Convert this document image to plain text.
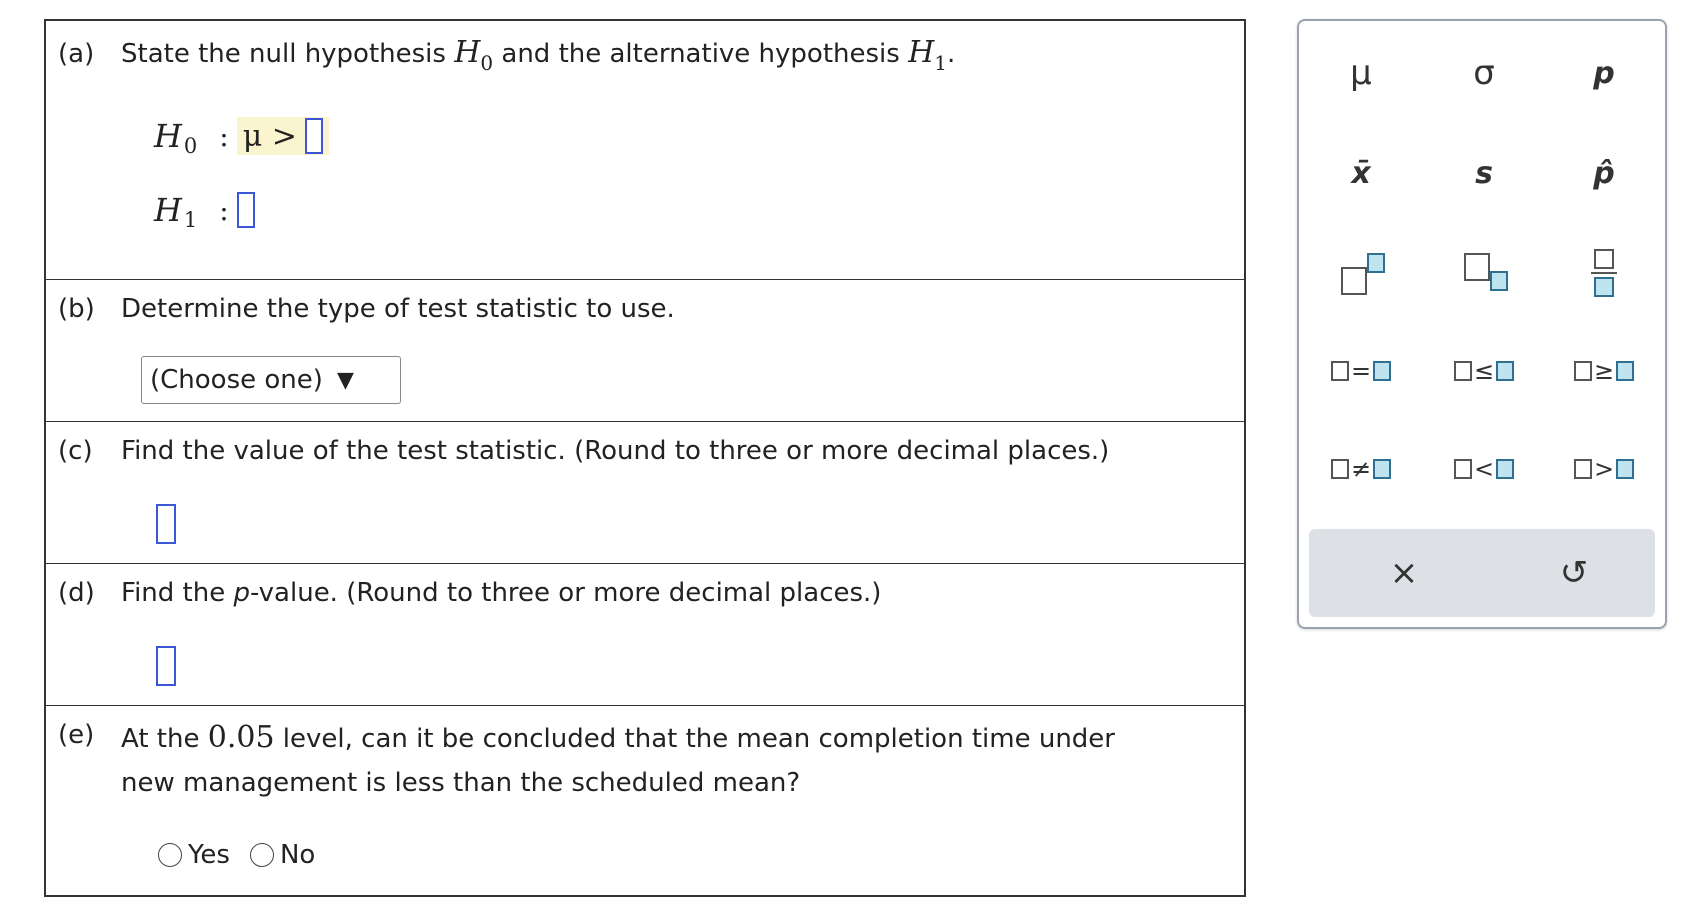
(a) State the null hypothesis $H_0$ and the alternative hypothesis $H_1$.
H 0 : μ >
H 1 :
(b) Determine the type of test statistic to use.
(Choose one) ▼
(c) Find the value of the test statistic. (Round to three or more decimal places.)
(d) Find the p-value. (Round to three or more decimal places.)
(e) At the 0.05 level, can it be concluded that the mean completion time under
new management is less than the scheduled mean?
Yes No
μ	σ	p
x̄	s	p̂
=	≤	≥
≠	<	>
×	↺
